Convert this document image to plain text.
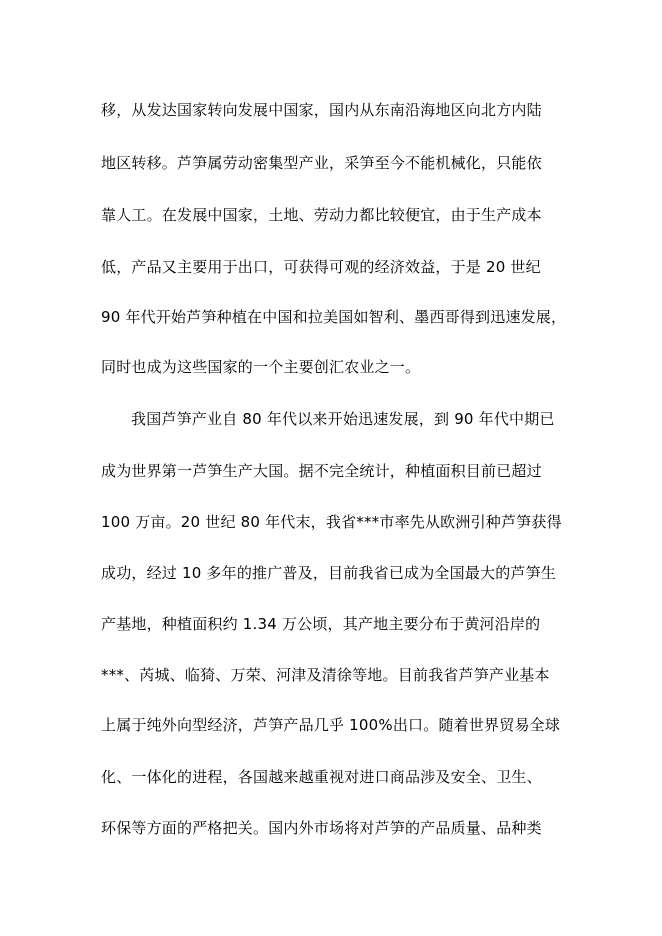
移，从发达国家转向发展中国家，国内从东南沿海地区向北方内陆
地区转移。芦笋属劳动密集型产业，采笋至今不能机械化，只能依
靠人工。在发展中国家，土地、劳动力都比较便宜，由于生产成本
低，产品又主要用于出口，可获得可观的经济效益，于是 20 世纪
90 年代开始芦笋种植在中国和拉美国如智利、墨西哥得到迅速发展，
同时也成为这些国家的一个主要创汇农业之一。
我国芦笋产业自 80 年代以来开始迅速发展，到 90 年代中期已
成为世界第一芦笋生产大国。据不完全统计，种植面积目前已超过
100 万亩。20 世纪 80 年代末，我省***市率先从欧洲引种芦笋获得
成功，经过 10 多年的推广普及，目前我省已成为全国最大的芦笋生
产基地，种植面积约 1.34 万公顷，其产地主要分布于黄河沿岸的
***、芮城、临猗、万荣、河津及清徐等地。目前我省芦笋产业基本
上属于纯外向型经济，芦笋产品几乎 100%出口。随着世界贸易全球
化、一体化的进程，各国越来越重视对进口商品涉及安全、卫生、
环保等方面的严格把关。国内外市场将对芦笋的产品质量、品种类
